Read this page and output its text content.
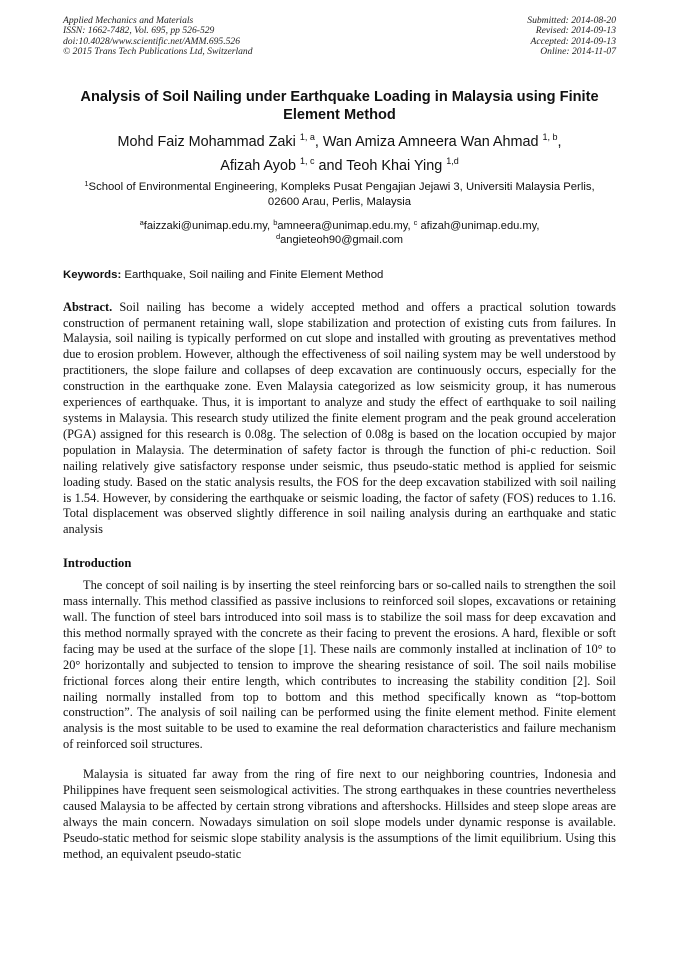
Applied Mechanics and Materials
ISSN: 1662-7482, Vol. 695, pp 526-529
doi:10.4028/www.scientific.net/AMM.695.526
© 2015 Trans Tech Publications Ltd, Switzerland
Submitted: 2014-08-20
Revised: 2014-09-13
Accepted: 2014-09-13
Online: 2014-11-07
Analysis of Soil Nailing under Earthquake Loading in Malaysia using Finite Element Method
Mohd Faiz Mohammad Zaki $^{1, a}$, Wan Amiza Amneera Wan Ahmad $^{1, b}$,
Afizah Ayob $^{1, c}$ and Teoh Khai Ying $^{1,d}$
$^1$School of Environmental Engineering, Kompleks Pusat Pengajian Jejawi 3, Universiti Malaysia Perlis, 02600 Arau, Perlis, Malaysia
$^a$faizzaki@unimap.edu.my, $^b$amneera@unimap.edu.my, $^c$ afizah@unimap.edu.my,
$^d$angieteoh90@gmail.com

Keywords: Earthquake, Soil nailing and Finite Element Method

Abstract. Soil nailing has become a widely accepted method and offers a practical solution towards construction of permanent retaining wall, slope stabilization and protection of existing cuts from failures. In Malaysia, soil nailing is typically performed on cut slope and installed with grouting as preventatives method due to erosion problem. However, although the effectiveness of soil nailing system may be well understood by practitioners, the slope failure and collapses of deep excavation are continuously occurs, especially for the construction in the earthquake zone. Even Malaysia categorized as low seismicity group, it has numerous experiences of earthquake. Thus, it is important to analyze and study the effect of earthquake to soil nailing systems in Malaysia. This research study utilized the finite element program and the peak ground acceleration (PGA) assigned for this research is 0.08g. The selection of 0.08g is based on the location occupied by major population in Malaysia. The determination of safety factor is through the function of phi-c reduction. Soil nailing relatively give satisfactory response under seismic, thus pseudo-static method is applied for seismic loading study. Based on the static analysis results, the FOS for the deep excavation stabilized with soil nailing is 1.54. However, by considering the earthquake or seismic loading, the factor of safety (FOS) reduces to 1.16. Total displacement was observed slightly difference in soil nailing analysis during an earthquake and static analysis

Introduction

The concept of soil nailing is by inserting the steel reinforcing bars or so-called nails to strengthen the soil mass internally. This method classified as passive inclusions to reinforced soil slopes, excavations or retaining wall. The function of steel bars introduced into soil mass is to stabilize the soil mass for deep excavation and this method normally sprayed with the concrete as their facing to prevent the erosions. A hard, flexible or soft facing may be used at the surface of the slope [1]. These nails are commonly installed at inclination of 10° to 20° horizontally and subjected to tension to improve the shearing resistance of soil. The soil nails mobilise frictional forces along their entire length, which contributes to increasing the stability condition [2]. Soil nailing normally installed from top to bottom and this method specifically known as “top-bottom construction”. The analysis of soil nailing can be performed using the finite element method. Finite element analysis is the most suitable to be used to examine the real deformation characteristics and failure mechanism of reinforced soil structures.

Malaysia is situated far away from the ring of fire next to our neighboring countries, Indonesia and Philippines have frequent seen seismological activities. The strong earthquakes in these countries nevertheless caused Malaysia to be affected by certain strong vibrations and aftershocks. Hillsides and steep slope areas are always the main concern. Nowadays simulation on soil slope models under dynamic response is available. Pseudo-static method for seismic slope stability analysis is the assumptions of the limit equilibrium. Using this method, an equivalent pseudo-static
